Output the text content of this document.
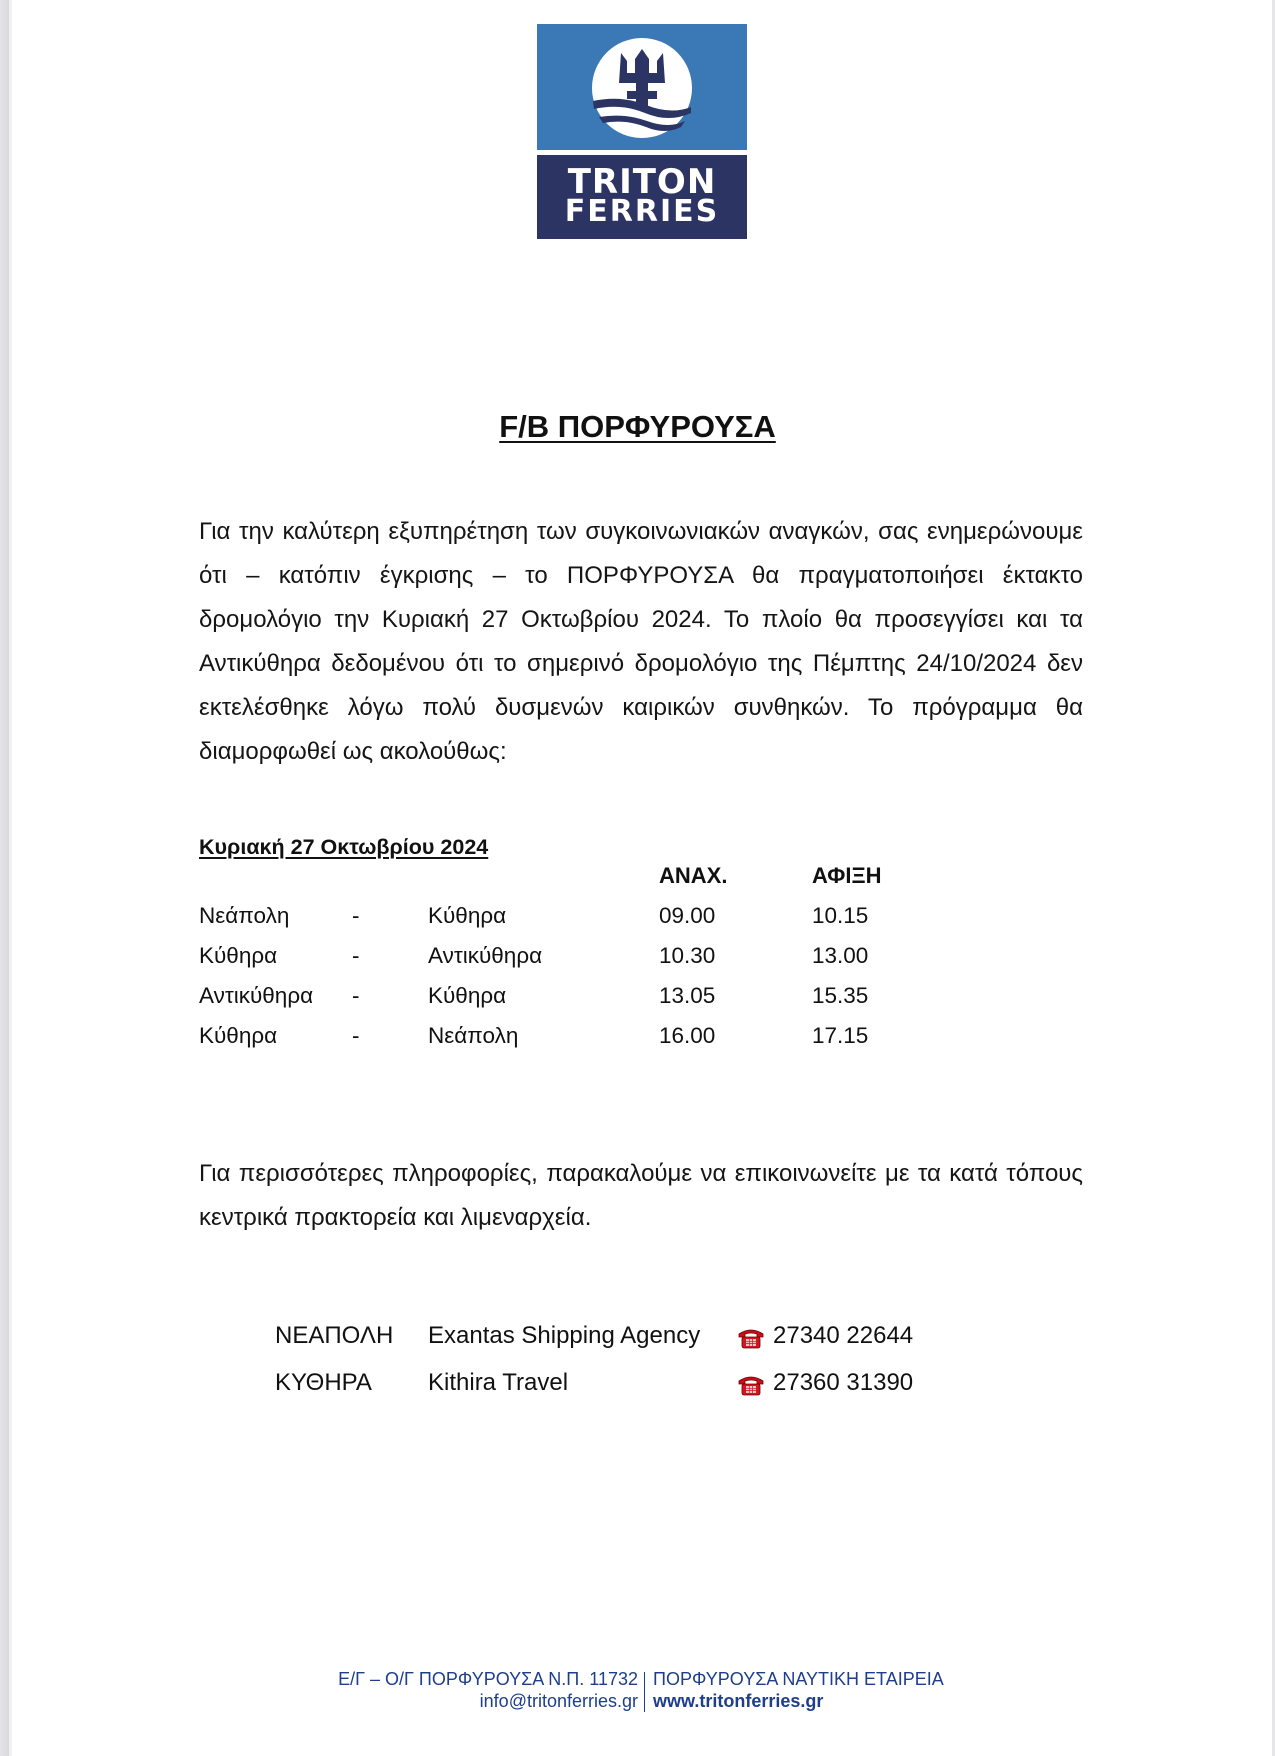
TRITON
FERRIES
F/B ΠΟΡΦΥΡΟΥΣΑ
Για την καλύτερη εξυπηρέτηση των συγκοινωνιακών αναγκών, σας ενημερώνουμε ότι – κατόπιν έγκρισης – το ΠΟΡΦΥΡΟΥΣΑ θα πραγματοποιήσει έκτακτο δρομολόγιο την Κυριακή 27 Οκτωβρίου 2024. Το πλοίο θα προσεγγίσει και τα Αντικύθηρα δεδομένου ότι το σημερινό δρομολόγιο της Πέμπτης 24/10/2024 δεν εκτελέσθηκε λόγω πολύ δυσμενών καιρικών συνθηκών. Το πρόγραμμα θα διαμορφωθεί ως ακολούθως:
Κυριακή 27 Οκτωβρίου 2024
ΑΝΑΧ.	ΑΦΙΞΗ
Νεάπολη	-	Κύθηρα	09.00	10.15
Κύθηρα	-	Αντικύθηρα	10.30	13.00
Αντικύθηρα -	Κύθηρα	13.05	15.35
Κύθηρα	-	Νεάπολη	16.00	17.15
Για περισσότερες πληροφορίες, παρακαλούμε να επικοινωνείτε με τα κατά τόπους κεντρικά πρακτορεία και λιμεναρχεία.
ΝΕΑΠΟΛΗ Exantas Shipping Agency	27340 22644
ΚΥΘΗΡΑ Kithira Travel	27360 31390
Ε/Γ – Ο/Γ ΠΟΡΦΥΡΟΥΣΑ Ν.Π. 11732 ΠΟΡΦΥΡΟΥΣΑ ΝΑΥΤΙΚΗ ΕΤΑΙΡΕΙΑ
info@tritonferries.gr www.tritonferries.gr
